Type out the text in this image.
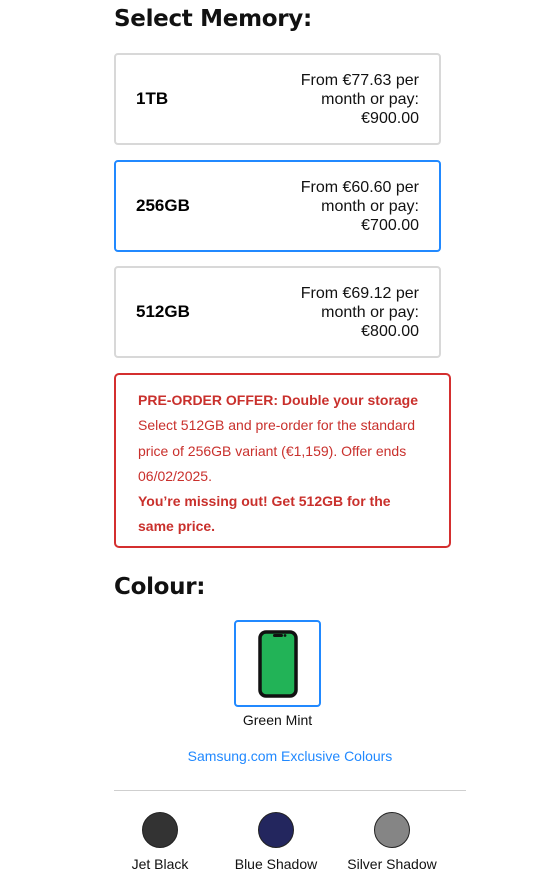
Select Memory:
1TB
From €77.63 per month or pay: €900.00
256GB
From €60.60 per month or pay: €700.00
512GB
From €69.12 per month or pay: €800.00
PRE-ORDER OFFER: Double your storage
Select 512GB and pre-order for the standard price of 256GB variant (€1,159). Offer ends 06/02/2025.
You’re missing out! Get 512GB for the same price.
Colour:
Green Mint
Samsung.com Exclusive Colours
Jet Black	Blue Shadow	Silver Shadow
